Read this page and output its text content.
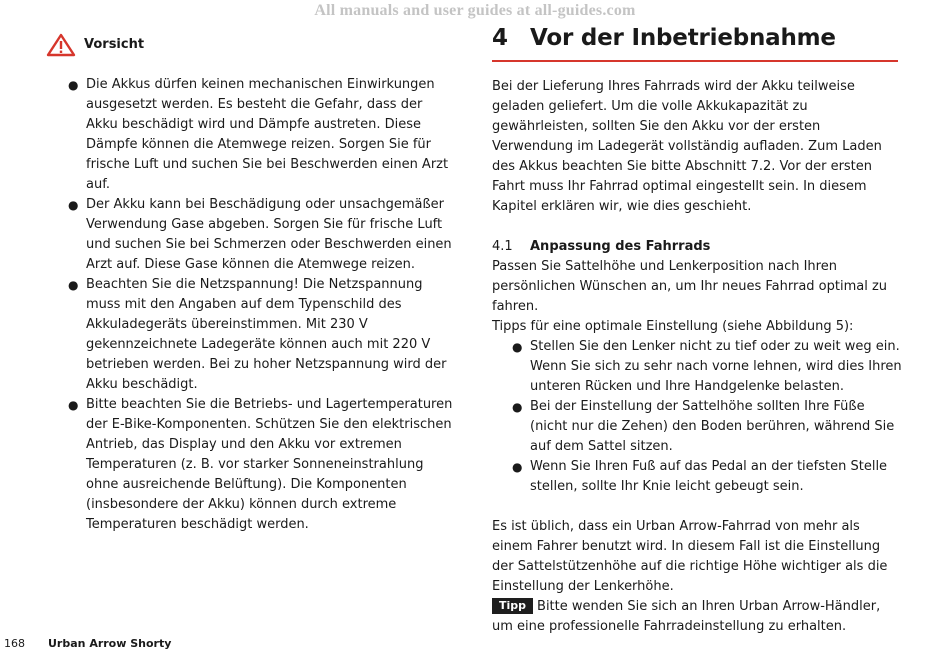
All manuals and user guides at all-guides.com
Vorsicht
● Die Akkus dürfen keinen mechanischen Einwirkungen ausgesetzt werden. Es besteht die Gefahr, dass der Akku beschädigt wird und Dämpfe austreten. Diese Dämpfe können die Atemwege reizen. Sorgen Sie für frische Luft und suchen Sie bei Beschwerden einen Arzt auf.
● Der Akku kann bei Beschädigung oder unsachgemäßer Verwendung Gase abgeben. Sorgen Sie für frische Luft und suchen Sie bei Schmerzen oder Beschwerden einen Arzt auf. Diese Gase können die Atemwege reizen.
● Beachten Sie die Netzspannung! Die Netzspannung muss mit den Angaben auf dem Typenschild des Akkuladegeräts übereinstimmen. Mit 230 V gekennzeichnete Ladegeräte können auch mit 220 V betrieben werden. Bei zu hoher Netzspannung wird der Akku beschädigt.
● Bitte beachten Sie die Betriebs- und Lagertemperaturen der E-Bike-Komponenten. Schützen Sie den elektrischen Antrieb, das Display und den Akku vor extremen Temperaturen (z. B. vor starker Sonneneinstrahlung ohne ausreichende Belüftung). Die Komponenten (insbesondere der Akku) können durch extreme Temperaturen beschädigt werden.
4 Vor der Inbetriebnahme

Bei der Lieferung Ihres Fahrrads wird der Akku teilweise geladen geliefert. Um die volle Akkukapazität zu gewährleisten, sollten Sie den Akku vor der ersten Verwendung im Ladegerät vollständig aufladen. Zum Laden des Akkus beachten Sie bitte Abschnitt 7.2. Vor der ersten Fahrt muss Ihr Fahrrad optimal eingestellt sein. In diesem Kapitel erklären wir, wie dies geschieht.

4.1	Anpassung des Fahrrads

Passen Sie Sattelhöhe und Lenkerposition nach Ihren persönlichen Wünschen an, um Ihr neues Fahrrad optimal zu fahren.

Tipps für eine optimale Einstellung (siehe Abbildung 5):

● Stellen Sie den Lenker nicht zu tief oder zu weit weg ein. Wenn Sie sich zu sehr nach vorne lehnen, wird dies Ihren unteren Rücken und Ihre Handgelenke belasten.
● Bei der Einstellung der Sattelhöhe sollten Ihre Füße (nicht nur die Zehen) den Boden berühren, während Sie auf dem Sattel sitzen.
● Wenn Sie Ihren Fuß auf das Pedal an der tiefsten Stelle stellen, sollte Ihr Knie leicht gebeugt sein.

Es ist üblich, dass ein Urban Arrow-Fahrrad von mehr als einem Fahrer benutzt wird. In diesem Fall ist die Einstellung der Sattelstützenhöhe auf die richtige Höhe wichtiger als die Einstellung der Lenkerhöhe.

Tipp Bitte wenden Sie sich an Ihren Urban Arrow-Händler, um eine professionelle Fahrradeinstellung zu erhalten.

168	Urban Arrow Shorty
